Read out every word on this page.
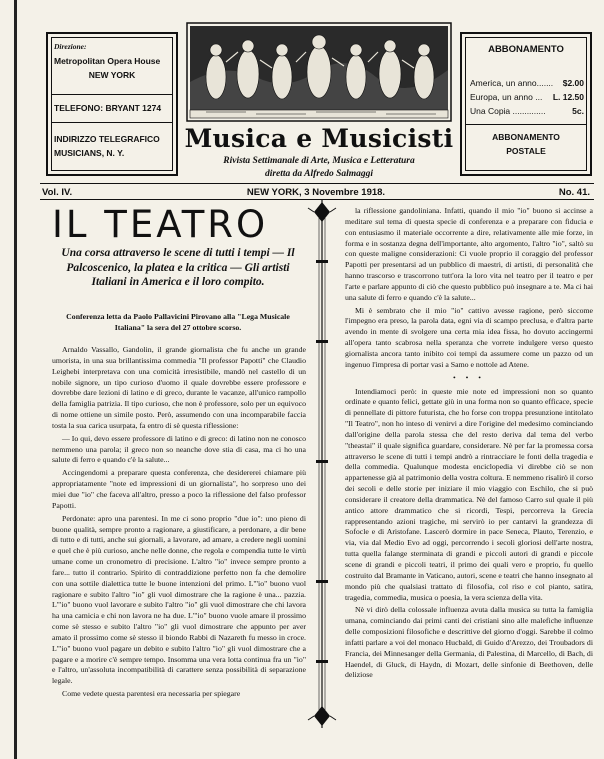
Direzione:
Metropolitan Opera House
NEW YORK
TELEFONO: BRYANT 1274
INDIRIZZO TELEGRAFICO
MUSICIANS, N. Y.	Musica e Musicisti
Rivista Settimanale di Arte, Musica e Letteratura
diretta da Alfredo Salmaggi
ABBONAMENTO
America, un anno....... $2.00
Europa, un anno ... L. 12.50
Una Copia ..............	5c.
ABBONAMENTO
POSTALE
Vol. IV.	NEW YORK, 3 Novembre 1918.	No. 41.
IL TEATRO
Una corsa attraverso le scene di tutti i tempi — Il Palcoscenico, la platea e la critica — Gli artisti Italiani in America e il loro compito.
Conferenza letta da Paolo Pallavicini Pirovano alla "Lega Musicale Italiana" la sera del 27 ottobre scorso.

Arnaldo Vassallo, Gandolin, il grande giornalista che fu anche un grande umorista, in una sua brillantissima commedia "Il professor Papotti" che Claudio Leighebi interpretava con una comicità irresistibile, mandò nel castello di un nobile signore, un tipo curioso d'uomo il quale dovrebbe essere professore e dovrebbe dare lezioni di latino e di greco, durante le vacanze, all'unico rampollo della famiglia patrizia. Il tipo curioso, che non è professore, solo per un equivoco di nome ottiene un simile posto. Però, assumendo con una incomparabile faccia tosta la sua carica usurpata, fa entro di sè questa riflessione:

— Io qui, devo essere professore di latino e di greco: di latino non ne conosco nemmeno una parola; il greco non so neanche dove stia di casa, ma ci ho una salute di ferro e quando c'è la salute...

Accingendomi a preparare questa conferenza, che desidererei chiamare più appropriatamente "note ed impressioni di un giornalista", ho sorpreso uno dei miei due "io" che faceva all'altro, presso a poco la riflessione del falso professor Papotti.

Perdonate: apro una parentesi. In me ci sono proprio "due io": uno pieno di buone qualità, sempre pronto a ragionare, a giustificare, a perdonare, a dir bene di tutto e di tutti, anche sui giornali, a lavorare, ad amare, a credere negli uomini e quel che è più curioso, anche nelle donne, che regola e compendia tutte le virtù umane come un cronometro di precisione. L'altro "io" invece sempre pronto a fare... tutto il contrario. Spirito di contraddizione perfetto non fa che demolire con una sottile dialettica tutte le buone intenzioni del primo. L'"io" buono vuol ragionare e subito l'altro "io" gli vuol dimostrare che la ragione è una... pazzia. L'"io" buono vuol lavorare e subito l'altro "io" gli vuol dimostrare che chi lavora ha una camicia e chi non lavora ne ha due. L'"io" buono vuole amare il prossimo come sè stesso e subito l'altro "io" gli vuol dimostrare che appunto per aver amato il prossimo come sè stesso il biondo Rabbi di Nazareth fu messo in croce. L'"io" buono vuol pagare un debito e subito l'altro "io" gli vuol dimostrare che a pagare e a morire c'è sempre tempo. Insomma una vera lotta continua fra un "io" e l'altro, un'assoluta incompatibilità di carattere senza possibilità di separazione legale.

Come vedete questa parentesi era necessaria per spiegare

la riflessione gandoliniana. Infatti, quando il mio "io" buono si accinse a meditare sul tema di questa specie di conferenza e a preparare con fiducia e con entusiasmo il materiale occorrente a dire, relativamente alle mie forze, in forma e in sostanza degna dell'importante, alto argomento, l'altro "io", saltò su con queste maligne considerazioni: Ci vuole proprio il coraggio del professor Papotti per presentarsi ad un pubblico di maestri, di artisti, di personalità che hanno trascorso e trascorrono tutt'ora la loro vita nel teatro per il teatro e per l'arte e parlare appunto di ciò che questo pubblico può insegnare a te. Ma ci hai una salute di ferro e quando c'è la salute...

Mi è sembrato che il mio "io" cattivo avesse ragione, però siccome l'impegno era preso, la parola data, egni via di scampo preclusa, e d'altra parte avendo in mente di svolgere una certa mia idea fissa, ho dovuto accingermi all'opera tanto scabrosa nella speranza che vorrete indulgere verso questo giornalista ancora tanto inibito coi tempi da assumere come un pazzo od un ingenuo l'impresa di portar vasi a Samo e nottole ad Atene.

• • •

Intendiamoci però: in queste mie note ed impressioni non so quanto ordinate e quanto felici, gettate giù in una forma non so quanto efficace, specie di pennellate di pittore futurista, che ho forse con troppa presunzione intitolato "Il Teatro", non ho inteso di venirvi a dire l'origine del medesimo cominciando dall'origine della parola stessa che del resto deriva dal tema del verbo "theastai" il quale significa guardare, considerare. Nè per far la promessa corsa attraverso le scene di tutti i tempi andrò a rintracciare le fonti della tragedia e della commedia. Qualunque modesta enciclopedia vi direbbe ciò se non appartenesse già al patrimonio della vostra coltura. E nemmeno risalirò il corso dei secoli e delle storie per iniziare il mio viaggio con Eschilo, che si può considerare il creatore della drammatica. Nè del famoso Carro sul quale il più antico attore drammatico che si ricordi, Tespi, percorreva la Grecia rappresentando azioni tragiche, mi servirò io per cantarvi la grandezza di Sofocle e di Aristofane. Lascerò dormire in pace Seneca, Plauto, Terenzio, e via, via dal Medio Evo ad oggi, percorrendo i secoli gloriosi dell'arte nostra, tutta quella falange sterminata di grandi e piccoli autori di grandi e piccole scene di grandi e piccoli teatri, il primo dei quali vero e proprio, fu quello costruito dal Bramante in Vaticano, autori, scene e teatri che hanno insegnato al mondo più che qualsiasi trattato di filosofia, col riso e col pianto, satira, tragedia, commedia, musica o poesia, la vera scienza della vita.

Nè vi dirò della colossale influenza avuta dalla musica su tutta la famiglia umana, cominciando dai primi canti dei cristiani sino alle malefiche influenze delle composizioni filosofiche e descrittive del giorno d'oggi. Sarebbe il colmo infatti parlare a voi del monaco Hucbald, di Guido d'Arezzo, dei Troubadors di Francia, dei Minnesanger della Germania, di Palestina, di Marcello, di Bach, di Haendel, di Gluck, di Haydn, di Mozart, delle sinfonie di Beethoven, delle deliziose
